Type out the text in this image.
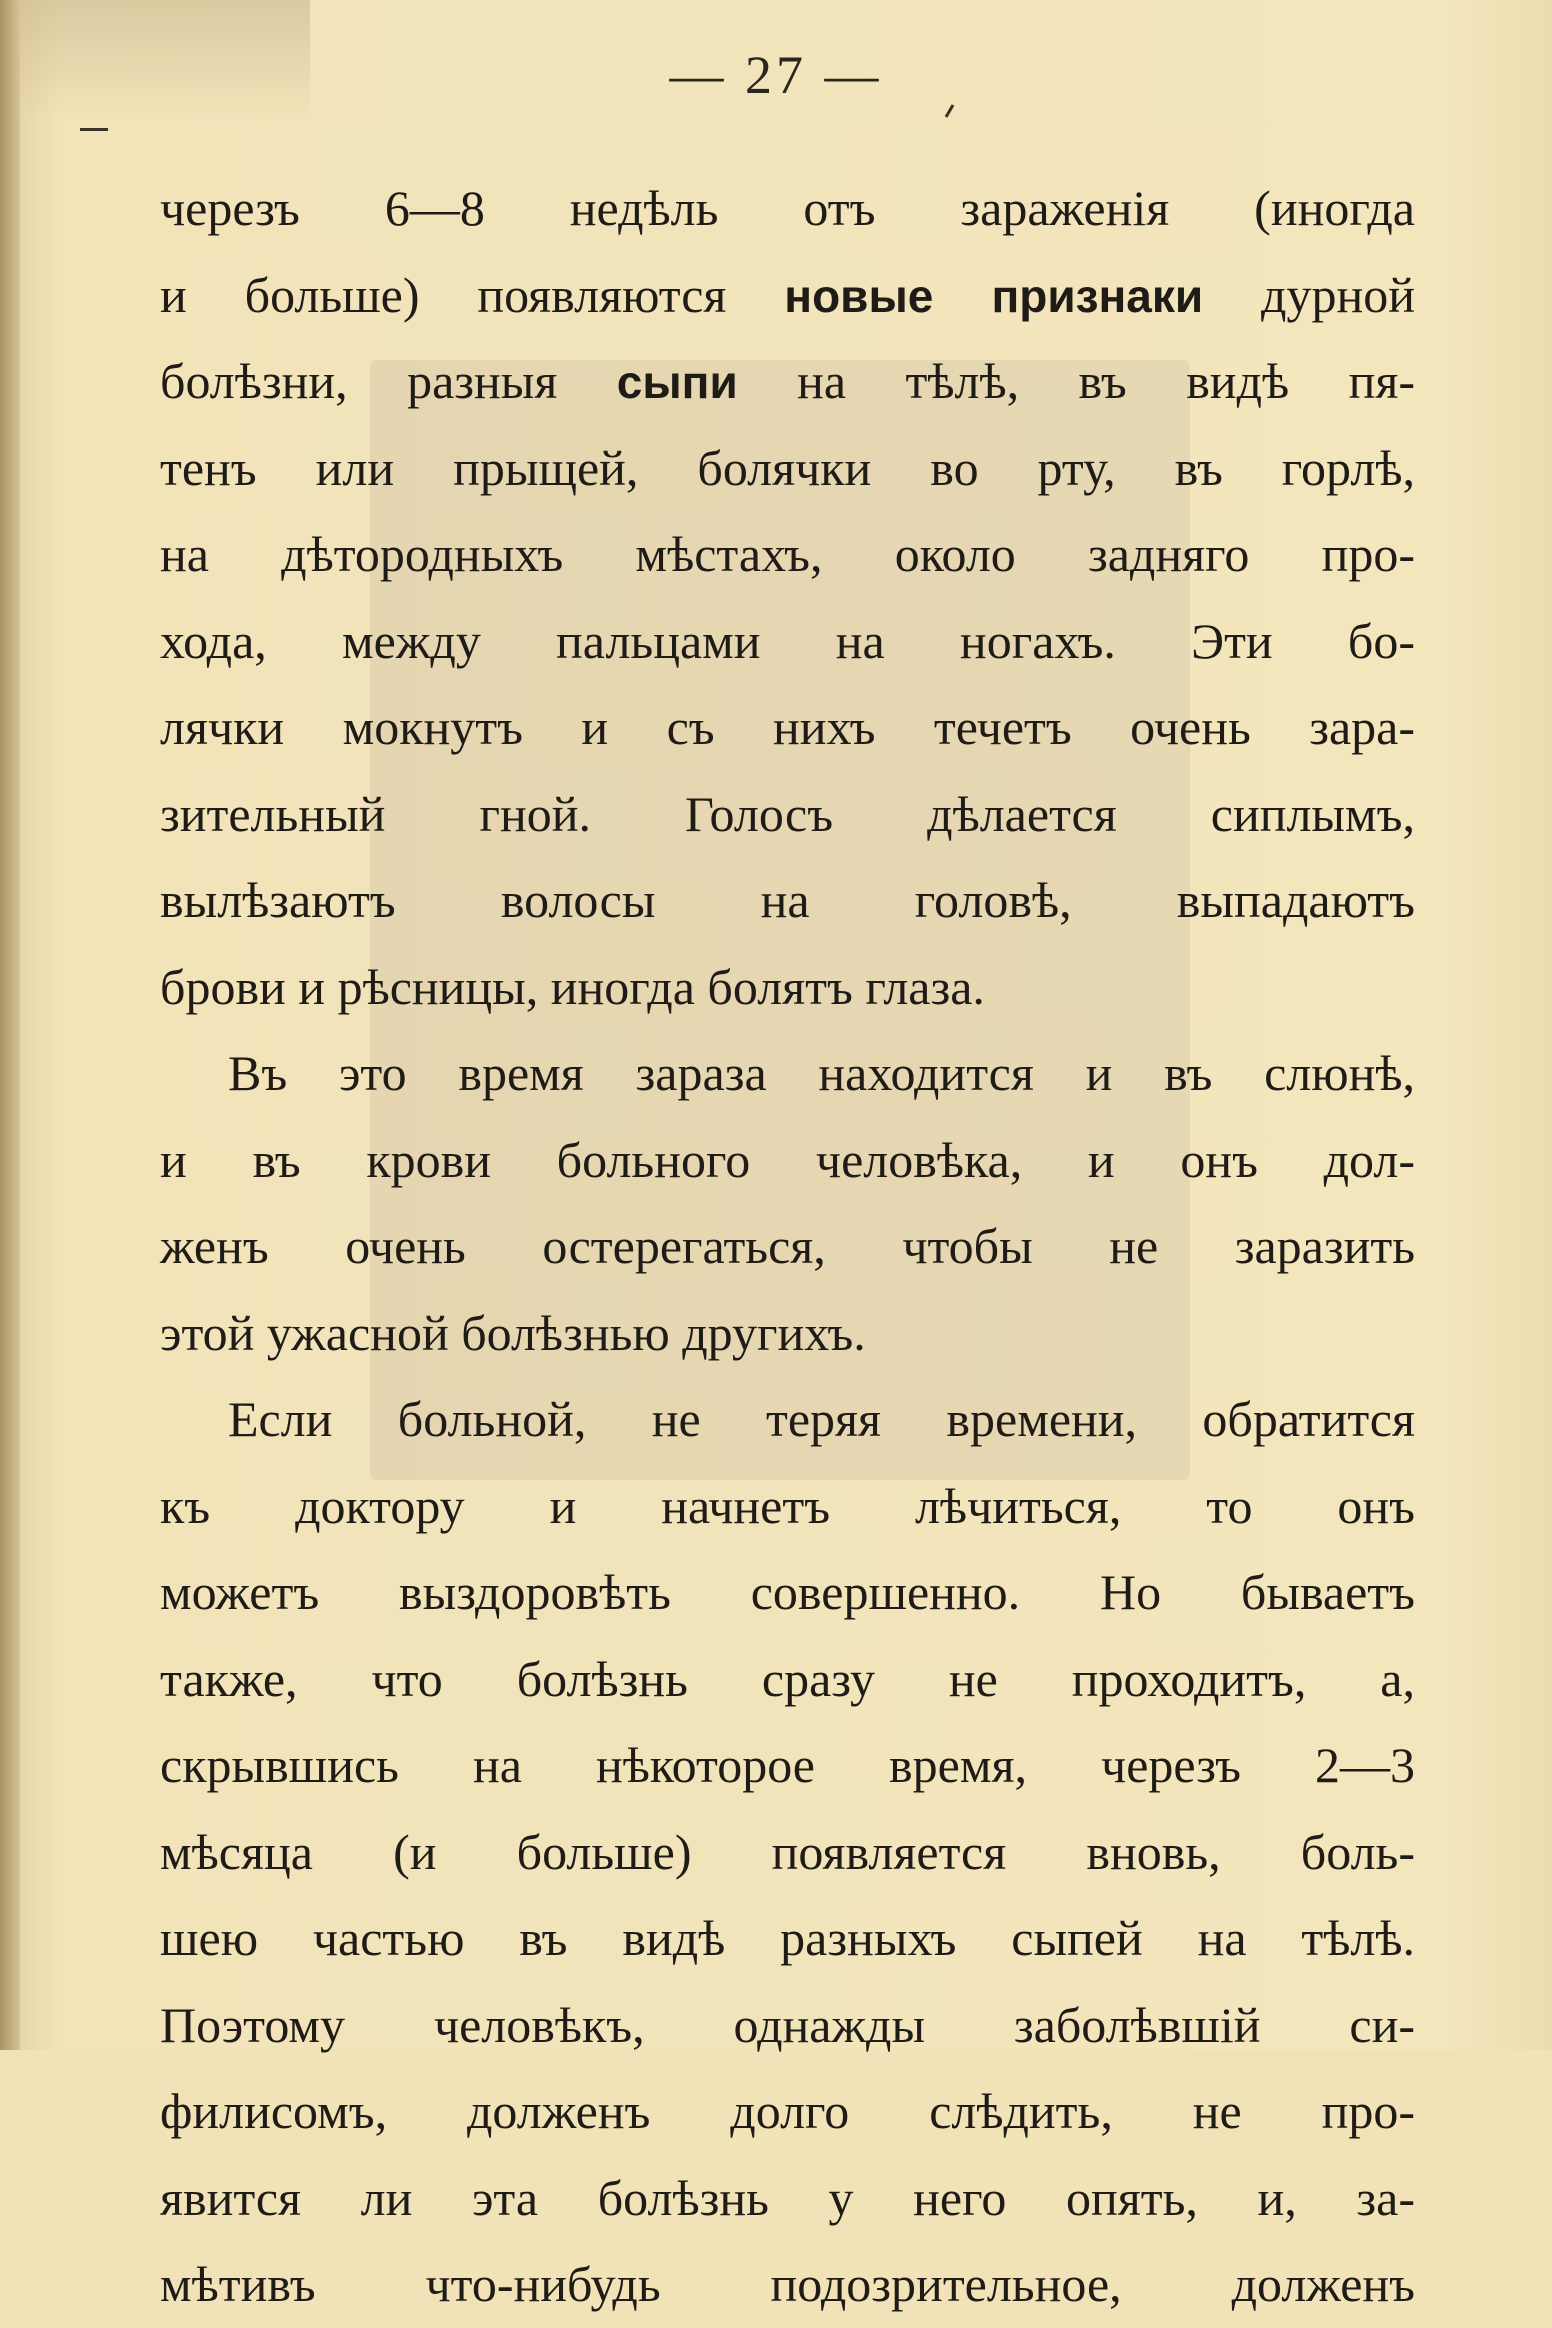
— 27 —
черезъ 6—8 недѣль отъ зараженія (иногда
и больше) появляются новые признаки дурной
болѣзни, разныя сыпи на тѣлѣ, въ видѣ пя-
тенъ или прыщей, болячки во рту, въ горлѣ,
на дѣтородныхъ мѣстахъ, около задняго про-
хода, между пальцами на ногахъ. Эти бо-
лячки мокнутъ и съ нихъ течетъ очень зара-
зительный гной. Голосъ дѣлается сиплымъ,
вылѣзаютъ волосы на головѣ, выпадаютъ
брови и рѣсницы, иногда болятъ глаза.
Въ это время зараза находится и въ слюнѣ,
и въ крови больного человѣка, и онъ дол-
женъ очень остерегаться, чтобы не заразить
этой ужасной болѣзнью другихъ.
Если больной, не теряя времени, обратится
къ доктору и начнетъ лѣчиться, то онъ
можетъ выздоровѣть совершенно. Но бываетъ
также, что болѣзнь сразу не проходитъ, а,
скрывшись на нѣкоторое время, черезъ 2—3
мѣсяца (и больше) появляется вновь, боль-
шею частью въ видѣ разныхъ сыпей на тѣлѣ.
Поэтому человѣкъ, однажды заболѣвшій си-
филисомъ, долженъ долго слѣдить, не про-
явится ли эта болѣзнь у него опять, и, за-
мѣтивъ что-нибудь подозрительное, долженъ
